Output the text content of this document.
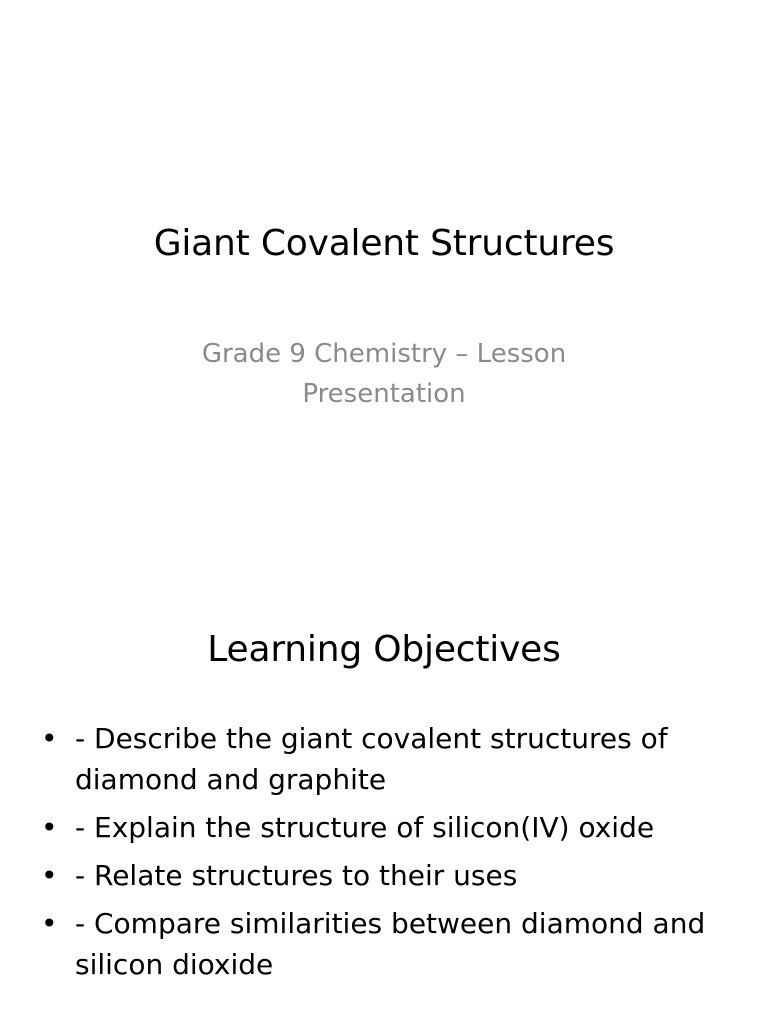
Giant Covalent Structures
Grade 9 Chemistry – Lesson Presentation
Learning Objectives
• - Describe the giant covalent structures of diamond and graphite
• - Explain the structure of silicon(IV) oxide
• - Relate structures to their uses
• - Compare similarities between diamond and silicon dioxide
